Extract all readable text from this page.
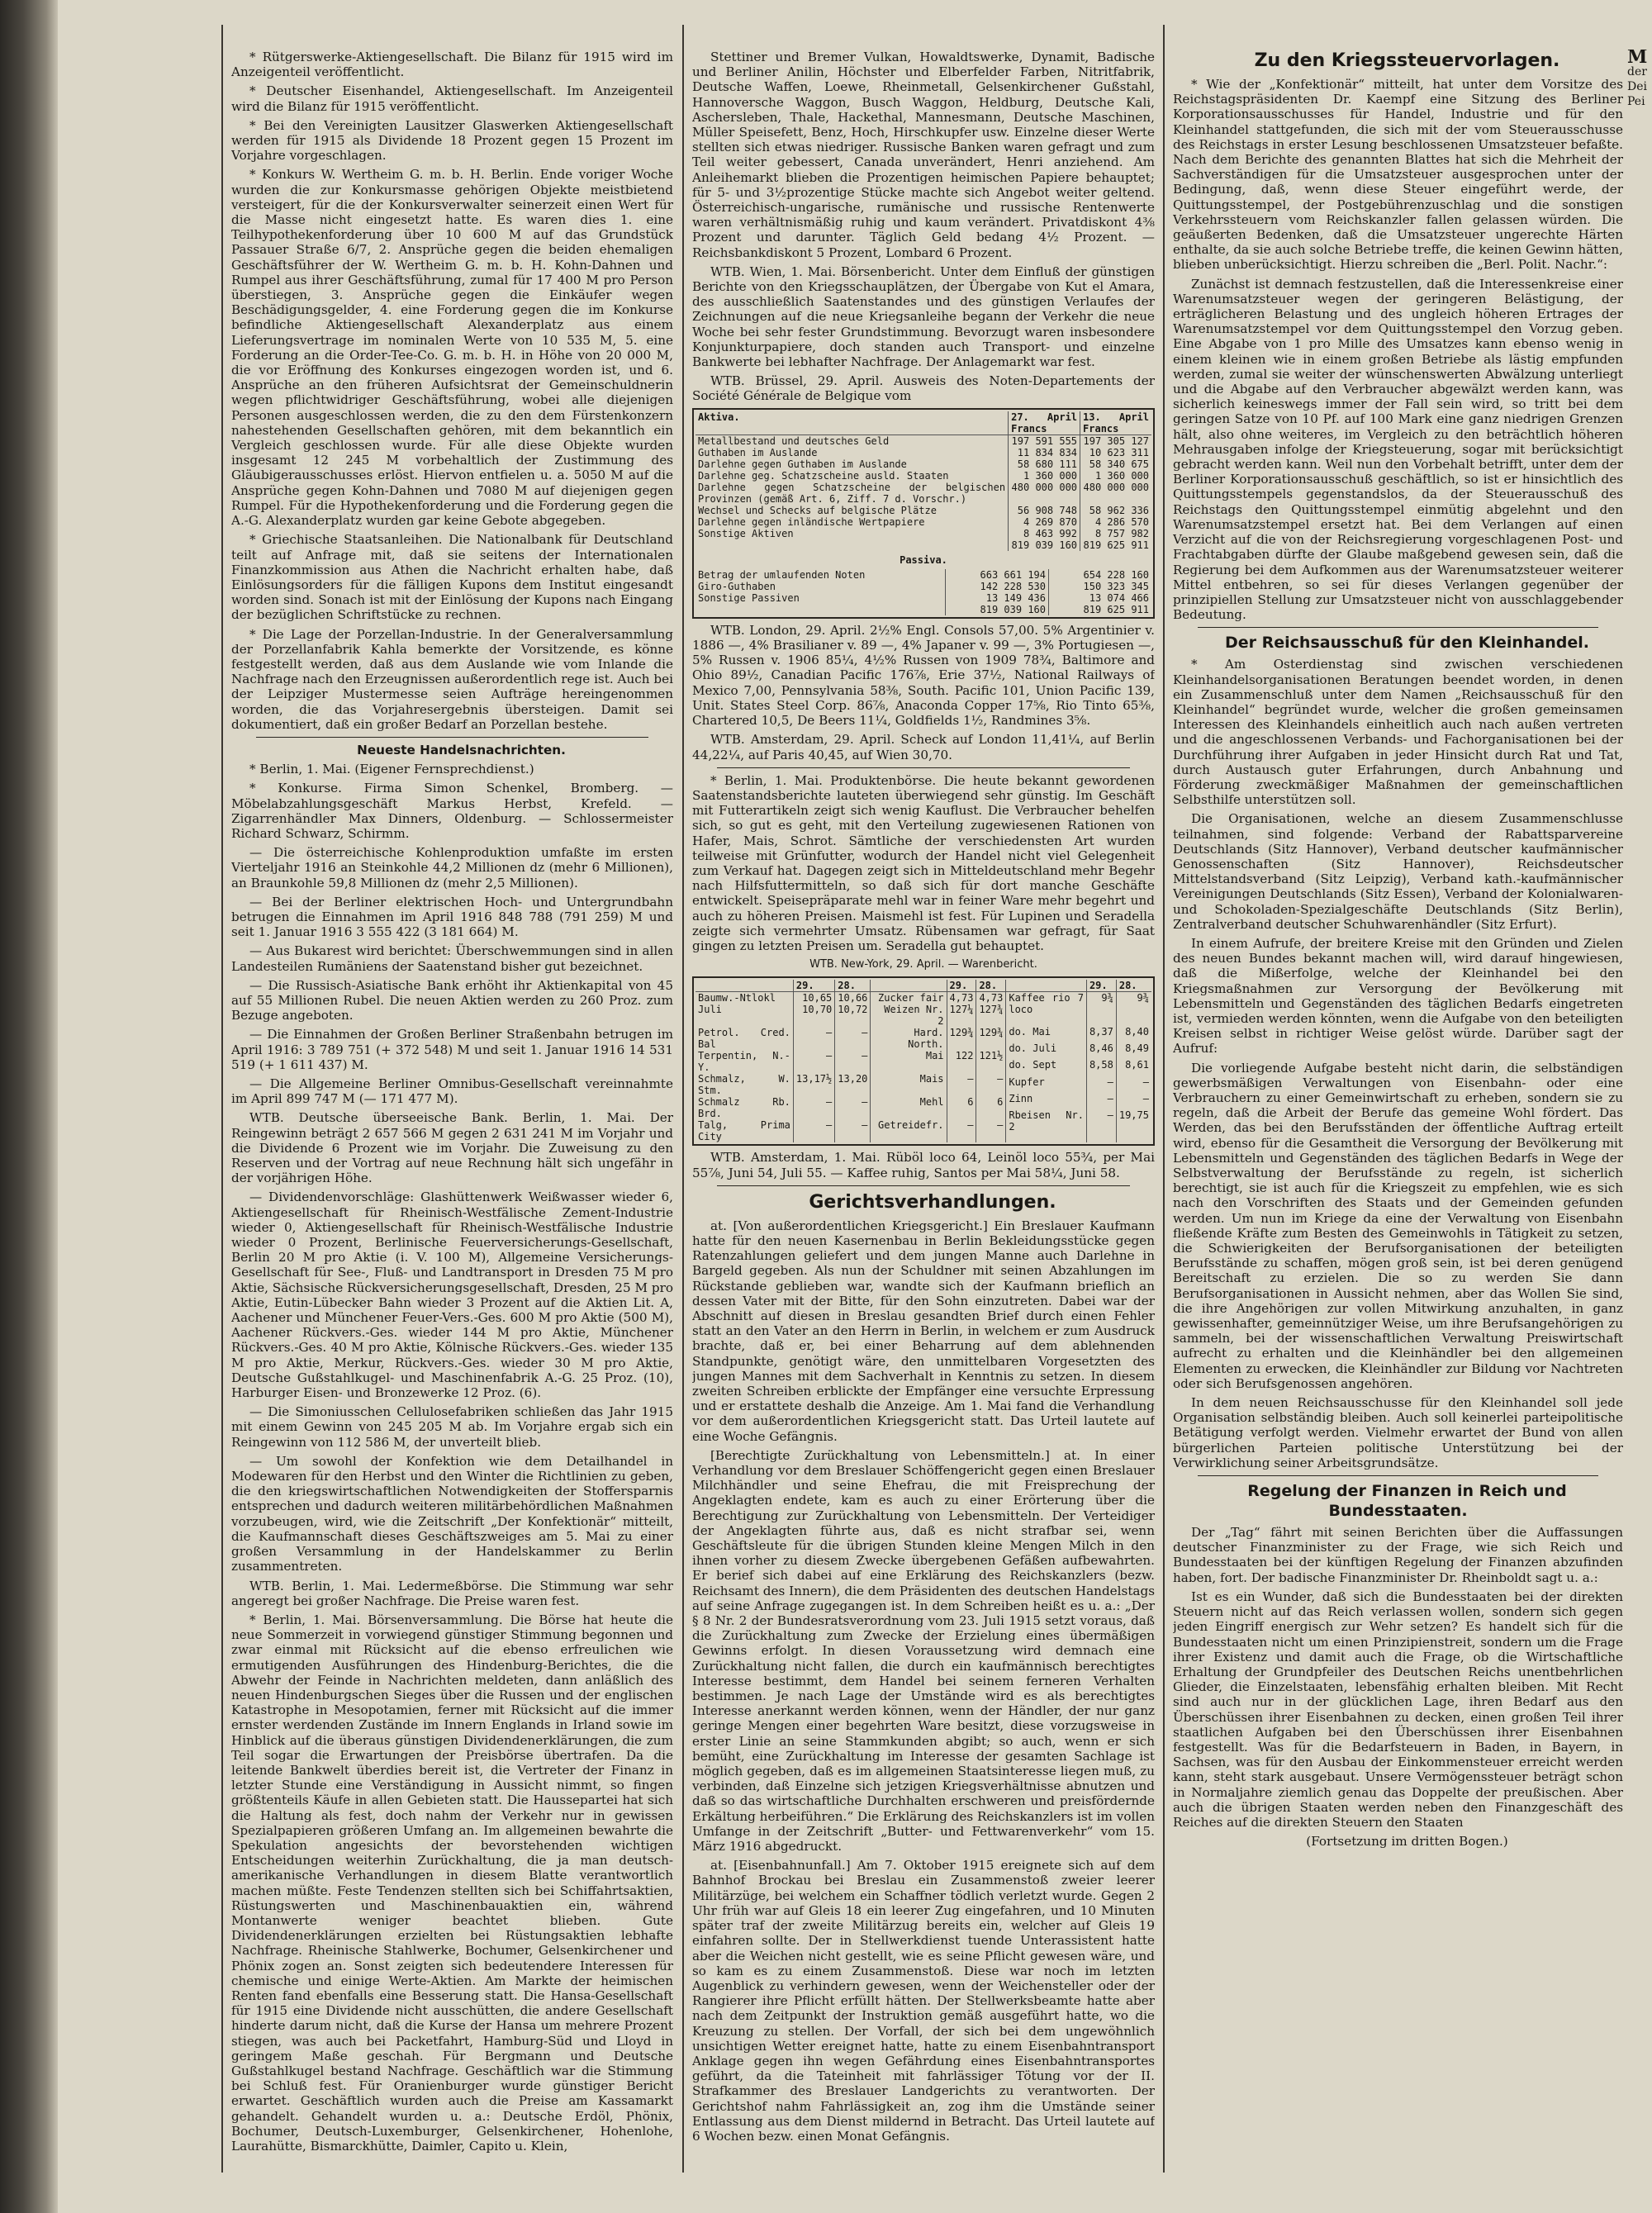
* Rütgerswerke-Aktiengesellschaft. Die Bilanz für 1915 wird im Anzeigenteil veröffentlicht.

* Deutscher Eisenhandel, Aktiengesellschaft. Im Anzeigenteil wird die Bilanz für 1915 veröffentlicht.

* Bei den Vereinigten Lausitzer Glaswerken Aktiengesellschaft werden für 1915 als Dividende 18 Prozent gegen 15 Prozent im Vorjahre vorgeschlagen.

* Konkurs W. Wertheim G. m. b. H. Berlin. Ende voriger Woche wurden die zur Konkursmasse gehörigen Objekte meistbietend versteigert, für die der Konkursverwalter seinerzeit einen Wert für die Masse nicht eingesetzt hatte. Es waren dies 1. eine Teilhypothekenforderung über 10 600 M auf das Grundstück Passauer Straße 6/7, 2. Ansprüche gegen die beiden ehemaligen Geschäftsführer der W. Wertheim G. m. b. H. Kohn-Dahnen und Rumpel aus ihrer Geschäftsführung, zumal für 17 400 M pro Person überstiegen, 3. Ansprüche gegen die Einkäufer wegen Beschädigungsgelder, 4. eine Forderung gegen die im Konkurse befindliche Aktiengesellschaft Alexanderplatz aus einem Lieferungsvertrage im nominalen Werte von 10 535 M, 5. eine Forderung an die Order-Tee-Co. G. m. b. H. in Höhe von 20 000 M, die vor Eröffnung des Konkurses eingezogen worden ist, und 6. Ansprüche an den früheren Aufsichtsrat der Gemeinschuldnerin wegen pflichtwidriger Geschäftsführung, wobei alle diejenigen Personen ausgeschlossen werden, die zu den dem Fürstenkonzern nahestehenden Gesellschaften gehören, mit dem bekanntlich ein Vergleich geschlossen wurde. Für alle diese Objekte wurden insgesamt 12 245 M vorbehaltlich der Zustimmung des Gläubigerausschusses erlöst. Hiervon entfielen u. a. 5050 M auf die Ansprüche gegen Kohn-Dahnen und 7080 M auf diejenigen gegen Rumpel. Für die Hypothekenforderung und die Forderung gegen die A.-G. Alexanderplatz wurden gar keine Gebote abgegeben.

* Griechische Staatsanleihen. Die Nationalbank für Deutschland teilt auf Anfrage mit, daß sie seitens der Internationalen Finanzkommission aus Athen die Nachricht erhalten habe, daß Einlösungsorders für die fälligen Kupons dem Institut eingesandt worden sind. Sonach ist mit der Einlösung der Kupons nach Eingang der bezüglichen Schriftstücke zu rechnen.

* Die Lage der Porzellan-Industrie. In der Generalversammlung der Porzellanfabrik Kahla bemerkte der Vorsitzende, es könne festgestellt werden, daß aus dem Auslande wie vom Inlande die Nachfrage nach den Erzeugnissen außerordentlich rege ist. Auch bei der Leipziger Mustermesse seien Aufträge hereingenommen worden, die das Vorjahresergebnis übersteigen. Damit sei dokumentiert, daß ein großer Bedarf an Porzellan bestehe.

Neueste Handelsnachrichten.

* Berlin, 1. Mai. (Eigener Fernsprechdienst.)

* Konkurse. Firma Simon Schenkel, Bromberg. — Möbelabzahlungsgeschäft Markus Herbst, Krefeld. — Zigarrenhändler Max Dinners, Oldenburg. — Schlossermeister Richard Schwarz, Schirmm.

— Die österreichische Kohlenproduktion umfaßte im ersten Vierteljahr 1916 an Steinkohle 44,2 Millionen dz (mehr 6 Millionen), an Braunkohle 59,8 Millionen dz (mehr 2,5 Millionen).

— Bei der Berliner elektrischen Hoch- und Untergrundbahn betrugen die Einnahmen im April 1916 848 788 (791 259) M und seit 1. Januar 1916 3 555 422 (3 181 664) M.

— Aus Bukarest wird berichtet: Überschwemmungen sind in allen Landesteilen Rumäniens der Saatenstand bisher gut bezeichnet.

— Die Russisch-Asiatische Bank erhöht ihr Aktienkapital von 45 auf 55 Millionen Rubel. Die neuen Aktien werden zu 260 Proz. zum Bezuge angeboten.

— Die Einnahmen der Großen Berliner Straßenbahn betrugen im April 1916: 3 789 751 (+ 372 548) M und seit 1. Januar 1916 14 531 519 (+ 1 611 437) M.

— Die Allgemeine Berliner Omnibus-Gesellschaft vereinnahmte im April 899 747 M (— 171 477 M).

WTB. Deutsche überseeische Bank. Berlin, 1. Mai. Der Reingewinn beträgt 2 657 566 M gegen 2 631 241 M im Vorjahr und die Dividende 6 Prozent wie im Vorjahr. Die Zuweisung zu den Reserven und der Vortrag auf neue Rechnung hält sich ungefähr in der vorjährigen Höhe.

— Dividendenvorschläge: Glashüttenwerk Weißwasser wieder 6, Aktiengesellschaft für Rheinisch-Westfälische Zement-Industrie wieder 0, Aktiengesellschaft für Rheinisch-Westfälische Industrie wieder 0 Prozent, Berlinische Feuerversicherungs-Gesellschaft, Berlin 20 M pro Aktie (i. V. 100 M), Allgemeine Versicherungs-Gesellschaft für See-, Fluß- und Landtransport in Dresden 75 M pro Aktie, Sächsische Rückversicherungsgesellschaft, Dresden, 25 M pro Aktie, Eutin-Lübecker Bahn wieder 3 Prozent auf die Aktien Lit. A, Aachener und Münchener Feuer-Vers.-Ges. 600 M pro Aktie (500 M), Aachener Rückvers.-Ges. wieder 144 M pro Aktie, Münchener Rückvers.-Ges. 40 M pro Aktie, Kölnische Rückvers.-Ges. wieder 135 M pro Aktie, Merkur, Rückvers.-Ges. wieder 30 M pro Aktie, Deutsche Gußstahlkugel- und Maschinenfabrik A.-G. 25 Proz. (10), Harburger Eisen- und Bronzewerke 12 Proz. (6).

— Die Simoniusschen Cellulosefabriken schließen das Jahr 1915 mit einem Gewinn von 245 205 M ab. Im Vorjahre ergab sich ein Reingewinn von 112 586 M, der unverteilt blieb.

— Um sowohl der Konfektion wie dem Detailhandel in Modewaren für den Herbst und den Winter die Richtlinien zu geben, die den kriegswirtschaftlichen Notwendigkeiten der Stoffersparnis entsprechen und dadurch weiteren militärbehördlichen Maßnahmen vorzubeugen, wird, wie die Zeitschrift „Der Konfektionär“ mitteilt, die Kaufmannschaft dieses Geschäftszweiges am 5. Mai zu einer großen Versammlung in der Handelskammer zu Berlin zusammentreten.

WTB. Berlin, 1. Mai. Ledermeßbörse. Die Stimmung war sehr angeregt bei großer Nachfrage. Die Preise waren fest.

* Berlin, 1. Mai. Börsenversammlung. Die Börse hat heute die neue Sommerzeit in vorwiegend günstiger Stimmung begonnen und zwar einmal mit Rücksicht auf die ebenso erfreulichen wie ermutigenden Ausführungen des Hindenburg-Berichtes, die die Abwehr der Feinde in Nachrichten meldeten, dann anläßlich des neuen Hindenburgschen Sieges über die Russen und der englischen Katastrophe in Mesopotamien, ferner mit Rücksicht auf die immer ernster werdenden Zustände im Innern Englands in Irland sowie im Hinblick auf die überaus günstigen Dividendenerklärungen, die zum Teil sogar die Erwartungen der Preisbörse übertrafen. Da die leitende Bankwelt überdies bereit ist, die Vertreter der Finanz in letzter Stunde eine Verständigung in Aussicht nimmt, so fingen größtenteils Käufe in allen Gebieten statt. Die Haussepartei hat sich die Haltung als fest, doch nahm der Verkehr nur in gewissen Spezialpapieren größeren Umfang an. Im allgemeinen bewahrte die Spekulation angesichts der bevorstehenden wichtigen Entscheidungen weiterhin Zurückhaltung, die ja man deutsch-amerikanische Verhandlungen in diesem Blatte verantwortlich machen müßte. Feste Tendenzen stellten sich bei Schiffahrtsaktien, Rüstungswerten und Maschinenbauaktien ein, während Montanwerte weniger beachtet blieben. Gute Dividendenerklärungen erzielten bei Rüstungsaktien lebhafte Nachfrage. Rheinische Stahlwerke, Bochumer, Gelsenkirchener und Phönix zogen an. Sonst zeigten sich bedeutendere Interessen für chemische und einige Werte-Aktien. Am Markte der heimischen Renten fand ebenfalls eine Besserung statt. Die Hansa-Gesellschaft für 1915 eine Dividende nicht ausschütten, die andere Gesellschaft hinderte darum nicht, daß die Kurse der Hansa um mehrere Prozent stiegen, was auch bei Packetfahrt, Hamburg-Süd und Lloyd in geringem Maße geschah. Für Bergmann und Deutsche Gußstahlkugel bestand Nachfrage. Geschäftlich war die Stimmung bei Schluß fest. Für Oranienburger wurde günstiger Bericht erwartet. Geschäftlich wurden auch die Preise am Kassamarkt gehandelt. Gehandelt wurden u. a.: Deutsche Erdöl, Phönix, Bochumer, Deutsch-Luxemburger, Gelsenkirchener, Hohenlohe, Laurahütte, Bismarckhütte, Daimler, Capito u. Klein,

Stettiner und Bremer Vulkan, Howaldtswerke, Dynamit, Badische und Berliner Anilin, Höchster und Elberfelder Farben, Nitritfabrik, Deutsche Waffen, Loewe, Rheinmetall, Gelsenkirchener Gußstahl, Hannoversche Waggon, Busch Waggon, Heldburg, Deutsche Kali, Aschersleben, Thale, Hackethal, Mannesmann, Deutsche Maschinen, Müller Speisefett, Benz, Hoch, Hirschkupfer usw. Einzelne dieser Werte stellten sich etwas niedriger. Russische Banken waren gefragt und zum Teil weiter gebessert, Canada unverändert, Henri anziehend. Am Anleihemarkt blieben die Prozentigen heimischen Papiere behauptet; für 5- und 3½prozentige Stücke machte sich Angebot weiter geltend. Österreichisch-ungarische, rumänische und russische Rentenwerte waren verhältnismäßig ruhig und kaum verändert. Privatdiskont 4⅜ Prozent und darunter. Täglich Geld bedang 4½ Prozent. — Reichsbankdiskont 5 Prozent, Lombard 6 Prozent.

WTB. Wien, 1. Mai. Börsenbericht. Unter dem Einfluß der günstigen Berichte von den Kriegsschauplätzen, der Übergabe von Kut el Amara, des ausschließlich Saatenstandes und des günstigen Verlaufes der Zeichnungen auf die neue Kriegsanleihe begann der Verkehr die neue Woche bei sehr fester Grundstimmung. Bevorzugt waren insbesondere Konjunkturpapiere, doch standen auch Transport- und einzelne Bankwerte bei lebhafter Nachfrage. Der Anlagemarkt war fest.

WTB. Brüssel, 29. April. Ausweis des Noten-Departements der Société Générale de Belgique vom

Aktiva.	27. April Francs	13. April Francs
Metallbestand und deutsches Geld	197 591 555	197 305 127
Guthaben im Auslande	11 834 834	10 623 311
Darlehne gegen Guthaben im Auslande	58 680 111	58 340 675
Darlehne geg. Schatzscheine ausld. Staaten	1 360 000	1 360 000
Darlehne gegen Schatzscheine der belgischen Provinzen (gemäß Art. 6, Ziff. 7 d. Vorschr.)	480 000 000	480 000 000
Wechsel und Schecks auf belgische Plätze	56 908 748	58 962 336
Darlehne gegen inländische Wertpapiere	4 269 870	4 286 570
Sonstige Aktiven	8 463 992	8 757 982
	819 039 160	819 625 911
Passiva.
Betrag der umlaufenden Noten	663 661 194	654 228 160
Giro-Guthaben	142 228 530	150 323 345
Sonstige Passiven	13 149 436	13 074 466
	819 039 160	819 625 911

WTB. London, 29. April. 2½% Engl. Consols 57,00. 5% Argentinier v. 1886 —, 4% Brasilianer v. 89 —, 4% Japaner v. 99 —, 3% Portugiesen —, 5% Russen v. 1906 85¼, 4½% Russen von 1909 78¾, Baltimore and Ohio 89½, Canadian Pacific 176⅞, Erie 37½, National Railways of Mexico 7,00, Pennsylvania 58⅜, South. Pacific 101, Union Pacific 139, Unit. States Steel Corp. 86⅞, Anaconda Copper 17⅝, Rio Tinto 65⅜, Chartered 10,5, De Beers 11¼, Goldfields 1½, Randmines 3⅝.

WTB. Amsterdam, 29. April. Scheck auf London 11,41¼, auf Berlin 44,22¼, auf Paris 40,45, auf Wien 30,70.

* Berlin, 1. Mai. Produktenbörse. Die heute bekannt gewordenen Saatenstandsberichte lauteten überwiegend sehr günstig. Im Geschäft mit Futterartikeln zeigt sich wenig Kauflust. Die Verbraucher behelfen sich, so gut es geht, mit den Verteilung zugewiesenen Rationen von Hafer, Mais, Schrot. Sämtliche der verschiedensten Art wurden teilweise mit Grünfutter, wodurch der Handel nicht viel Gelegenheit zum Verkauf hat. Dagegen zeigt sich in Mitteldeutschland mehr Begehr nach Hilfsfuttermitteln, so daß sich für dort manche Geschäfte entwickelt. Speisepräparate mehl war in feiner Ware mehr begehrt und auch zu höheren Preisen. Maismehl ist fest. Für Lupinen und Seradella zeigte sich vermehrter Umsatz. Rübensamen war gefragt, für Saat gingen zu letzten Preisen um. Seradella gut behauptet.

WTB. New-York, 29. April. — Warenbericht.

	29.	28.		29.	28.
Baumw.-Ntlokl	10,65	10,66	Zucker fair	4,73	4,73
Juli	10,70	10,72	Weizen Nr. 2	127¼	127¾
Petrol. Cred. Bal	—	—	Hard. North.	129¾	129¾
Terpentin, N.-Y.	—	—	Mai	122	121½
Schmalz, W. Stm.	13,17½	13,20	Mais	—	—
Schmalz Rb. Brd.	—	—	Mehl	6	6
Talg, Prima City	—	—	Getreidefr.	—	—
	29.	28.
Kaffee rio 7 loco	9¾	9¾
do. Mai	8,37	8,40
do. Juli	8,46	8,49
do. Sept	8,58	8,61
Kupfer	—	—
Zinn	—	—
Rbeisen Nr. 2	—	19,75

WTB. Amsterdam, 1. Mai. Rüböl loco 64, Leinöl loco 55¾, per Mai 55⅞, Juni 54, Juli 55. — Kaffee ruhig, Santos per Mai 58¼, Juni 58.

Gerichtsverhandlungen.

at. [Von außerordentlichen Kriegsgericht.] Ein Breslauer Kaufmann hatte für den neuen Kasernenbau in Berlin Bekleidungsstücke gegen Ratenzahlungen geliefert und dem jungen Manne auch Darlehne in Bargeld gegeben. Als nun der Schuldner mit seinen Abzahlungen im Rückstande geblieben war, wandte sich der Kaufmann brieflich an dessen Vater mit der Bitte, für den Sohn einzutreten. Dabei war der Abschnitt auf diesen in Breslau gesandten Brief durch einen Fehler statt an den Vater an den Herrn in Berlin, in welchem er zum Ausdruck brachte, daß er, bei einer Beharrung auf dem ablehnenden Standpunkte, genötigt wäre, den unmittelbaren Vorgesetzten des jungen Mannes mit dem Sachverhalt in Kenntnis zu setzen. In diesem zweiten Schreiben erblickte der Empfänger eine versuchte Erpressung und er erstattete deshalb die Anzeige. Am 1. Mai fand die Verhandlung vor dem außerordentlichen Kriegsgericht statt. Das Urteil lautete auf eine Woche Gefängnis.

[Berechtigte Zurückhaltung von Lebensmitteln.] at. In einer Verhandlung vor dem Breslauer Schöffengericht gegen einen Breslauer Milchhändler und seine Ehefrau, die mit Freisprechung der Angeklagten endete, kam es auch zu einer Erörterung über die Berechtigung zur Zurückhaltung von Lebensmitteln. Der Verteidiger der Angeklagten führte aus, daß es nicht strafbar sei, wenn Geschäftsleute für die übrigen Stunden kleine Mengen Milch in den ihnen vorher zu diesem Zwecke übergebenen Gefäßen aufbewahrten. Er berief sich dabei auf eine Erklärung des Reichskanzlers (bezw. Reichsamt des Innern), die dem Präsidenten des deutschen Handelstags auf seine Anfrage zugegangen ist. In dem Schreiben heißt es u. a.: „Der § 8 Nr. 2 der Bundesratsverordnung vom 23. Juli 1915 setzt voraus, daß die Zurückhaltung zum Zwecke der Erzielung eines übermäßigen Gewinns erfolgt. In diesen Voraussetzung wird demnach eine Zurückhaltung nicht fallen, die durch ein kaufmännisch berechtigtes Interesse bestimmt, dem Handel bei seinem ferneren Verhalten bestimmen. Je nach Lage der Umstände wird es als berechtigtes Interesse anerkannt werden können, wenn der Händler, der nur ganz geringe Mengen einer begehrten Ware besitzt, diese vorzugsweise in erster Linie an seine Stammkunden abgibt; so auch, wenn er sich bemüht, eine Zurückhaltung im Interesse der gesamten Sachlage ist möglich gegeben, daß es im allgemeinen Staatsinteresse liegen muß, zu verbinden, daß Einzelne sich jetzigen Kriegsverhältnisse abnutzen und daß so das wirtschaftliche Durchhalten erschweren und preisfördernde Erkältung herbeiführen.“ Die Erklärung des Reichskanzlers ist im vollen Umfange in der Zeitschrift „Butter- und Fettwarenverkehr“ vom 15. März 1916 abgedruckt.

at. [Eisenbahnunfall.] Am 7. Oktober 1915 ereignete sich auf dem Bahnhof Brockau bei Breslau ein Zusammenstoß zweier leerer Militärzüge, bei welchem ein Schaffner tödlich verletzt wurde. Gegen 2 Uhr früh war auf Gleis 18 ein leerer Zug eingefahren, und 10 Minuten später traf der zweite Militärzug bereits ein, welcher auf Gleis 19 einfahren sollte. Der in Stellwerkdienst tuende Unterassistent hatte aber die Weichen nicht gestellt, wie es seine Pflicht gewesen wäre, und so kam es zu einem Zusammenstoß. Diese war noch im letzten Augenblick zu verhindern gewesen, wenn der Weichensteller oder der Rangierer ihre Pflicht erfüllt hätten. Der Stellwerksbeamte hatte aber nach dem Zeitpunkt der Instruktion gemäß ausgeführt hatte, wo die Kreuzung zu stellen. Der Vorfall, der sich bei dem ungewöhnlich unsichtigen Wetter ereignet hatte, hatte zu einem Eisenbahntransport Anklage gegen ihn wegen Gefährdung eines Eisenbahntransportes geführt, da die Tateinheit mit fahrlässiger Tötung vor der II. Strafkammer des Breslauer Landgerichts zu verantworten. Der Gerichtshof nahm Fahrlässigkeit an, zog ihm die Umstände seiner Entlassung aus dem Dienst mildernd in Betracht. Das Urteil lautete auf 6 Wochen bezw. einen Monat Gefängnis.

Zu den Kriegssteuervorlagen.

* Wie der „Konfektionär“ mitteilt, hat unter dem Vorsitze des Reichstagspräsidenten Dr. Kaempf eine Sitzung des Berliner Korporationsausschusses für Handel, Industrie und für den Kleinhandel stattgefunden, die sich mit der vom Steuerausschusse des Reichstags in erster Lesung beschlossenen Umsatzsteuer befaßte. Nach dem Berichte des genannten Blattes hat sich die Mehrheit der Sachverständigen für die Umsatzsteuer ausgesprochen unter der Bedingung, daß, wenn diese Steuer eingeführt werde, der Quittungsstempel, der Postgebührenzuschlag und die sonstigen Verkehrssteuern vom Reichskanzler fallen gelassen würden. Die geäußerten Bedenken, daß die Umsatzsteuer ungerechte Härten enthalte, da sie auch solche Betriebe treffe, die keinen Gewinn hätten, blieben unberücksichtigt. Hierzu schreiben die „Berl. Polit. Nachr.“:

Zunächst ist demnach festzustellen, daß die Interessenkreise einer Warenumsatzsteuer wegen der geringeren Belästigung, der erträglicheren Belastung und des ungleich höheren Ertrages der Warenumsatzstempel vor dem Quittungsstempel den Vorzug geben. Eine Abgabe von 1 pro Mille des Umsatzes kann ebenso wenig in einem kleinen wie in einem großen Betriebe als lästig empfunden werden, zumal sie weiter der wünschenswerten Abwälzung unterliegt und die Abgabe auf den Verbraucher abgewälzt werden kann, was sicherlich keineswegs immer der Fall sein wird, so tritt bei dem geringen Satze von 10 Pf. auf 100 Mark eine ganz niedrigen Grenzen hält, also ohne weiteres, im Vergleich zu den beträchtlich höheren Mehrausgaben infolge der Kriegsteuerung, sogar mit berücksichtigt gebracht werden kann. Weil nun den Vorbehalt betrifft, unter dem der Berliner Korporationsausschuß geschäftlich, so ist er hinsichtlich des Quittungsstempels gegenstandslos, da der Steuerausschuß des Reichstags den Quittungsstempel einmütig abgelehnt und den Warenumsatzstempel ersetzt hat. Bei dem Verlangen auf einen Verzicht auf die von der Reichsregierung vorgeschlagenen Post- und Frachtabgaben dürfte der Glaube maßgebend gewesen sein, daß die Regierung bei dem Aufkommen aus der Warenumsatzsteuer weiterer Mittel entbehren, so sei für dieses Verlangen gegenüber der prinzipiellen Stellung zur Umsatzsteuer nicht von ausschlaggebender Bedeutung.

Der Reichsausschuß für den Kleinhandel.

* Am Osterdienstag sind zwischen verschiedenen Kleinhandelsorganisationen Beratungen beendet worden, in denen ein Zusammenschluß unter dem Namen „Reichsausschuß für den Kleinhandel“ begründet wurde, welcher die großen gemeinsamen Interessen des Kleinhandels einheitlich auch nach außen vertreten und die angeschlossenen Verbands- und Fachorganisationen bei der Durchführung ihrer Aufgaben in jeder Hinsicht durch Rat und Tat, durch Austausch guter Erfahrungen, durch Anbahnung und Förderung zweckmäßiger Maßnahmen der gemeinschaftlichen Selbsthilfe unterstützen soll.

Die Organisationen, welche an diesem Zusammenschlusse teilnahmen, sind folgende: Verband der Rabattsparvereine Deutschlands (Sitz Hannover), Verband deutscher kaufmännischer Genossenschaften (Sitz Hannover), Reichsdeutscher Mittelstandsverband (Sitz Leipzig), Verband kath.-kaufmännischer Vereinigungen Deutschlands (Sitz Essen), Verband der Kolonialwaren- und Schokoladen-Spezialgeschäfte Deutschlands (Sitz Berlin), Zentralverband deutscher Schuhwarenhändler (Sitz Erfurt).

In einem Aufrufe, der breitere Kreise mit den Gründen und Zielen des neuen Bundes bekannt machen will, wird darauf hingewiesen, daß die Mißerfolge, welche der Kleinhandel bei den Kriegsmaßnahmen zur Versorgung der Bevölkerung mit Lebensmitteln und Gegenständen des täglichen Bedarfs eingetreten ist, vermieden werden könnten, wenn die Aufgabe von den beteiligten Kreisen selbst in richtiger Weise gelöst würde. Darüber sagt der Aufruf:

Die vorliegende Aufgabe besteht nicht darin, die selbständigen gewerbsmäßigen Verwaltungen von Eisenbahn- oder eine Verbrauchern zu einer Gemeinwirtschaft zu erheben, sondern sie zu regeln, daß die Arbeit der Berufe das gemeine Wohl fördert. Das Werden, das bei den Berufsständen der öffentliche Auftrag erteilt wird, ebenso für die Gesamtheit die Versorgung der Bevölkerung mit Lebensmitteln und Gegenständen des täglichen Bedarfs in Wege der Selbstverwaltung der Berufsstände zu regeln, ist sicherlich berechtigt, sie ist auch für die Kriegszeit zu empfehlen, wie es sich nach den Vorschriften des Staats und der Gemeinden gefunden werden. Um nun im Kriege da eine der Verwaltung von Eisenbahn fließende Kräfte zum Besten des Gemeinwohls in Tätigkeit zu setzen, die Schwierigkeiten der Berufsorganisationen der beteiligten Berufsstände zu schaffen, mögen groß sein, ist bei deren genügend Bereitschaft zu erzielen. Die so zu werden Sie dann Berufsorganisationen in Aussicht nehmen, aber das Wollen Sie sind, die ihre Angehörigen zur vollen Mitwirkung anzuhalten, in ganz gewissenhafter, gemeinnütziger Weise, um ihre Berufsangehörigen zu sammeln, bei der wissenschaftlichen Verwaltung Preiswirtschaft aufrecht zu erhalten und die Kleinhändler bei den allgemeinen Elementen zu erwecken, die Kleinhändler zur Bildung vor Nachtreten oder sich Berufsgenossen angehören.

In dem neuen Reichsausschusse für den Kleinhandel soll jede Organisation selbständig bleiben. Auch soll keinerlei parteipolitische Betätigung verfolgt werden. Vielmehr erwartet der Bund von allen bürgerlichen Parteien politische Unterstützung bei der Verwirklichung seiner Arbeitsgrundsätze.

Regelung der Finanzen in Reich und Bundesstaaten.

Der „Tag“ fährt mit seinen Berichten über die Auffassungen deutscher Finanzminister zu der Frage, wie sich Reich und Bundesstaaten bei der künftigen Regelung der Finanzen abzufinden haben, fort. Der badische Finanzminister Dr. Rheinboldt sagt u. a.:

Ist es ein Wunder, daß sich die Bundesstaaten bei der direkten Steuern nicht auf das Reich verlassen wollen, sondern sich gegen jeden Eingriff energisch zur Wehr setzen? Es handelt sich für die Bundesstaaten nicht um einen Prinzipienstreit, sondern um die Frage ihrer Existenz und damit auch die Frage, ob die Wirtschaftliche Erhaltung der Grundpfeiler des Deutschen Reichs unentbehrlichen Glieder, die Einzelstaaten, lebensfähig erhalten bleiben. Mit Recht sind auch nur in der glücklichen Lage, ihren Bedarf aus den Überschüssen ihrer Eisenbahnen zu decken, einen großen Teil ihrer staatlichen Aufgaben bei den Überschüssen ihrer Eisenbahnen festgestellt. Was für die Bedarfsteuern in Baden, in Bayern, in Sachsen, was für den Ausbau der Einkommensteuer erreicht werden kann, steht stark ausgebaut. Unsere Vermögenssteuer beträgt schon in Normaljahre ziemlich genau das Doppelte der preußischen. Aber auch die übrigen Staaten werden neben den Finanzgeschäft des Reiches auf die direkten Steuern den Staaten

(Fortsetzung im dritten Bogen.)

M
der
Dei
Pei
